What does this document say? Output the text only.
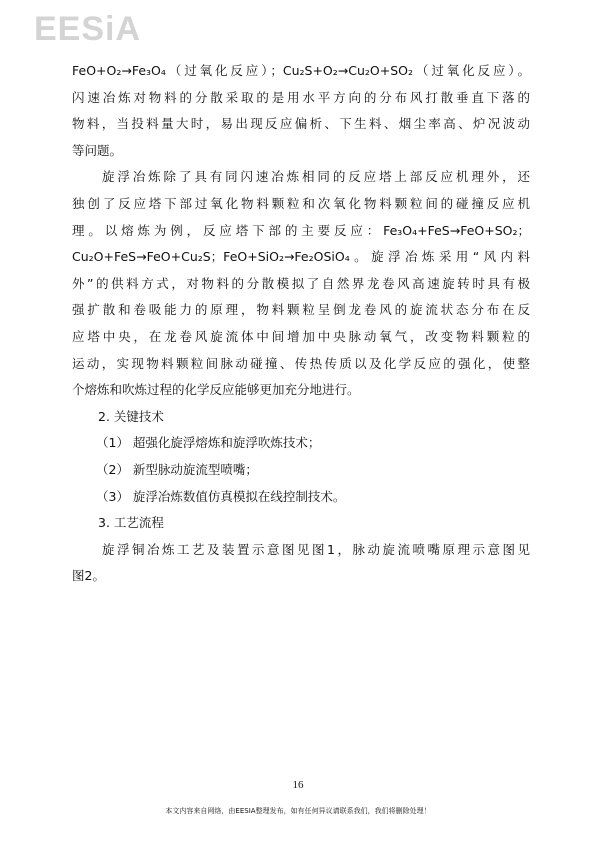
EESiA
FeO+O₂→Fe₃O₄（过氧化反应）；Cu₂S+O₂→Cu₂O+SO₂（过氧化反应）。
闪速冶炼对物料的分散采取的是用水平方向的分布风打散垂直下落的
物料，当投料量大时，易出现反应偏析、下生料、烟尘率高、炉况波动
等问题。
旋浮冶炼除了具有同闪速冶炼相同的反应塔上部反应机理外，还
独创了反应塔下部过氧化物料颗粒和次氧化物料颗粒间的碰撞反应机
理。以熔炼为例，反应塔下部的主要反应：Fe₃O₄+FeS→FeO+SO₂；
Cu₂O+FeS→FeO+Cu₂S；FeO+SiO₂→Fe₂OSiO₄。旋浮冶炼采用“风内料
外”的供料方式，对物料的分散模拟了自然界龙卷风高速旋转时具有极
强扩散和卷吸能力的原理，物料颗粒呈倒龙卷风的旋流状态分布在反
应塔中央，在龙卷风旋流体中间增加中央脉动氧气，改变物料颗粒的
运动，实现物料颗粒间脉动碰撞、传热传质以及化学反应的强化，使整
个熔炼和吹炼过程的化学反应能够更加充分地进行。
2. 关键技术
（1） 超强化旋浮熔炼和旋浮吹炼技术；
（2） 新型脉动旋流型喷嘴；
（3） 旋浮冶炼数值仿真模拟在线控制技术。
3. 工艺流程
旋浮铜冶炼工艺及装置示意图见图1，脉动旋流喷嘴原理示意图见
图2。
16
本文内容来自网络，由EESIA整理发布，如有任何异议请联系我们，我们将删除处理！
